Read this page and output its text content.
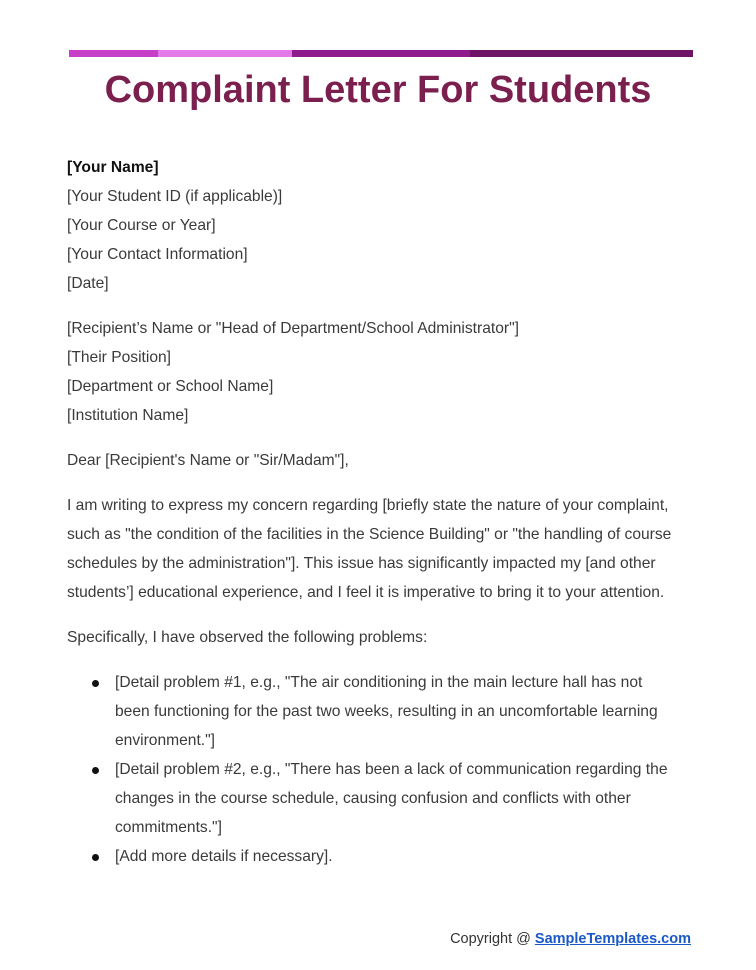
Complaint Letter For Students
[Your Name]
[Your Student ID (if applicable)]
[Your Course or Year]
[Your Contact Information]
[Date]
[Recipient’s Name or "Head of Department/School Administrator"]
[Their Position]
[Department or School Name]
[Institution Name]

Dear [Recipient's Name or "Sir/Madam"],

I am writing to express my concern regarding [briefly state the nature of your complaint,
such as "the condition of the facilities in the Science Building" or "the handling of course
schedules by the administration"]. This issue has significantly impacted my [and other
students’] educational experience, and I feel it is imperative to bring it to your attention.

Specifically, I have observed the following problems:

[Detail problem #1, e.g., "The air conditioning in the main lecture hall has not
been functioning for the past two weeks, resulting in an uncomfortable learning
environment."]
[Detail problem #2, e.g., "There has been a lack of communication regarding the
changes in the course schedule, causing confusion and conflicts with other
commitments."]
[Add more details if necessary].
Copyright @ SampleTemplates.com
